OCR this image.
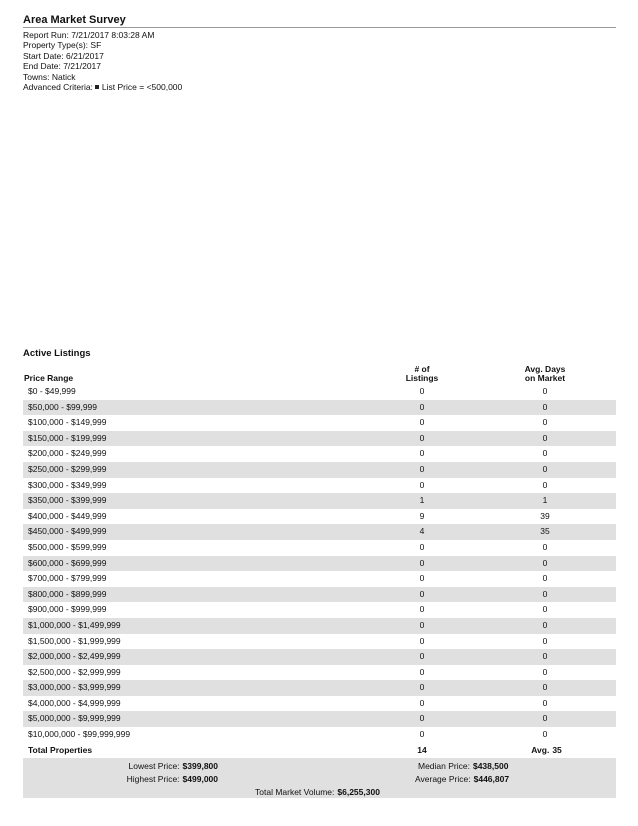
Area Market Survey
Report Run: 7/21/2017 8:03:28 AM
Property Type(s): SF
Start Date: 6/21/2017
End Date: 7/21/2017
Towns: Natick
Advanced Criteria: List Price = <500,000
Active Listings
Price Range
# of
Listings
Avg. Days
on Market
$0 - $49,999	0	0
$50,000 - $99,999	0	0
$100,000 - $149,999	0	0
$150,000 - $199,999	0	0
$200,000 - $249,999	0	0
$250,000 - $299,999	0	0
$300,000 - $349,999	0	0
$350,000 - $399,999	1	1
$400,000 - $449,999	9	39
$450,000 - $499,999	4	35
$500,000 - $599,999	0	0
$600,000 - $699,999	0	0
$700,000 - $799,999	0	0
$800,000 - $899,999	0	0
$900,000 - $999,999	0	0
$1,000,000 - $1,499,999	0	0
$1,500,000 - $1,999,999	0	0
$2,000,000 - $2,499,999	0	0
$2,500,000 - $2,999,999	0	0
$3,000,000 - $3,999,999	0	0
$4,000,000 - $4,999,999	0	0
$5,000,000 - $9,999,999	0	0
$10,000,000 - $99,999,999	0	0
Total Properties	14	Avg. 35
Lowest Price: $399,800
Highest Price: $499,000
Median Price: $438,500
Average Price: $446,807
Total Market Volume: $6,255,300
